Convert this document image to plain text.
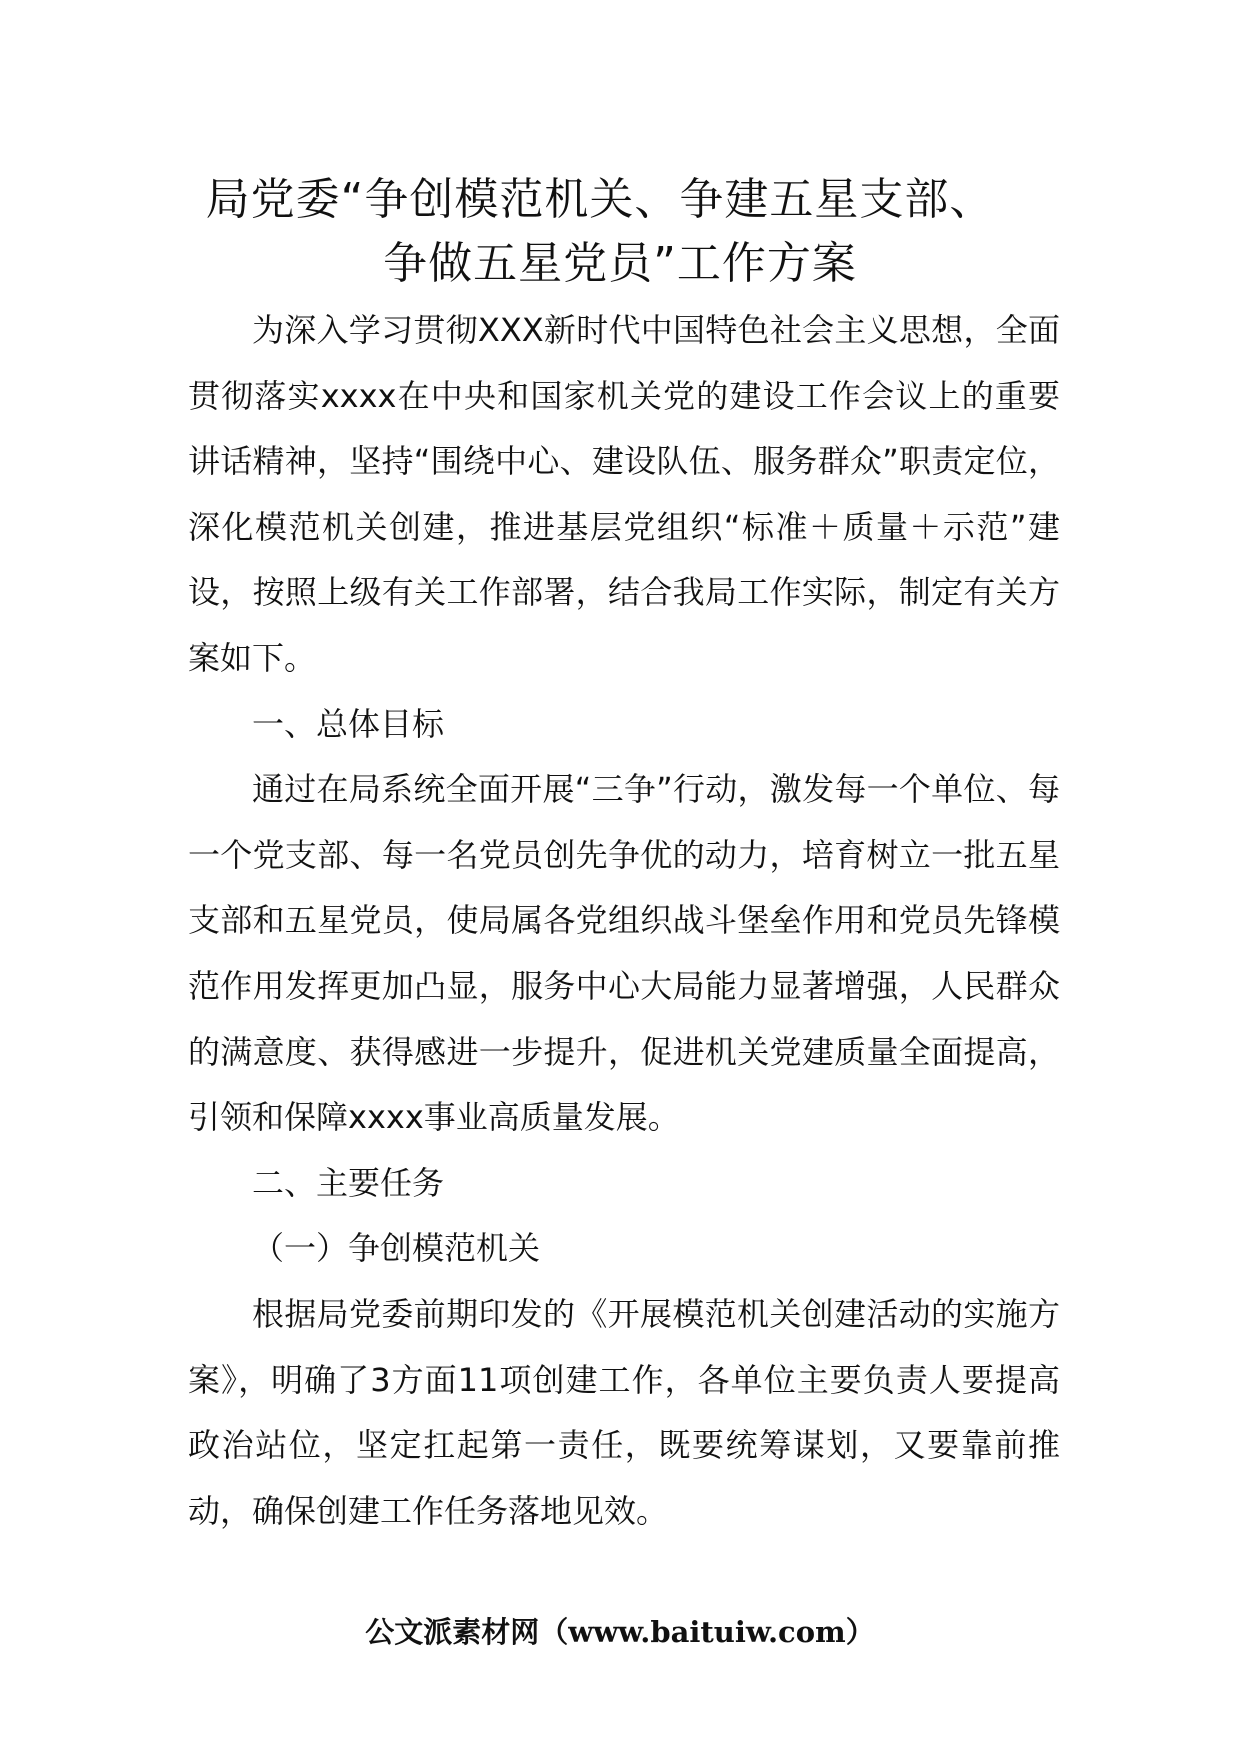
局党委“争创模范机关、争建五星支部、
争做五星党员”工作方案

为深入学习贯彻XXX新时代中国特色社会主义思想，全面贯彻落实xxxx在中央和国家机关党的建设工作会议上的重要讲话精神，坚持“围绕中心、建设队伍、服务群众”职责定位，深化模范机关创建，推进基层党组织“标准＋质量＋示范”建设，按照上级有关工作部署，结合我局工作实际，制定有关方案如下。

一、总体目标

通过在局系统全面开展“三争”行动，激发每一个单位、每一个党支部、每一名党员创先争优的动力，培育树立一批五星支部和五星党员，使局属各党组织战斗堡垒作用和党员先锋模范作用发挥更加凸显，服务中心大局能力显著增强，人民群众的满意度、获得感进一步提升，促进机关党建质量全面提高，引领和保障xxxx事业高质量发展。

二、主要任务

（一）争创模范机关

根据局党委前期印发的《开展模范机关创建活动的实施方案》，明确了3方面11项创建工作，各单位主要负责人要提高政治站位，坚定扛起第一责任，既要统筹谋划，又要靠前推动，确保创建工作任务落地见效。

公文派素材网（www.baituiw.com）
